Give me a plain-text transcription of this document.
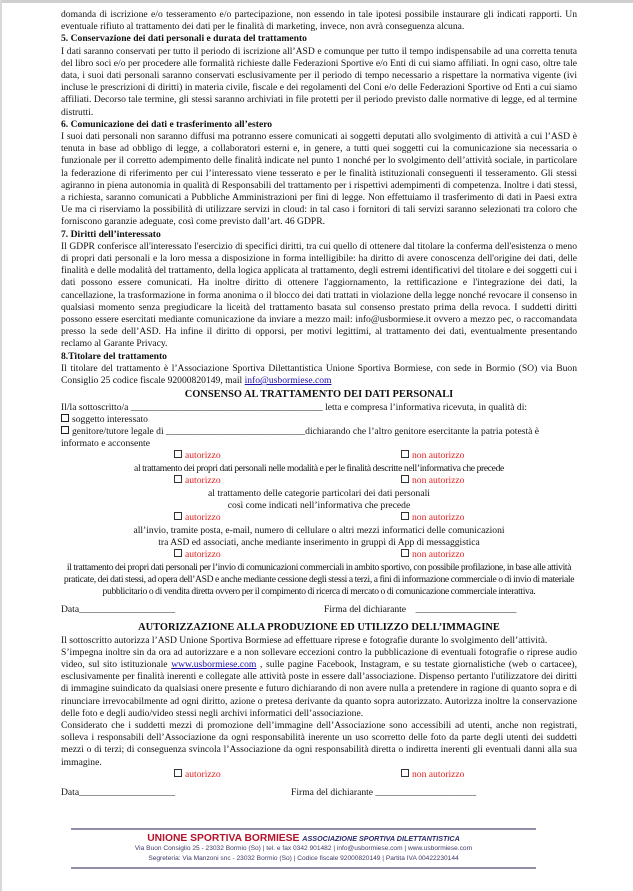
domanda di iscrizione e/o tesseramento e/o partecipazione, non essendo in tale ipotesi possibile instaurare gli indicati rapporti. Un eventuale rifiuto al trattamento dei dati per le finalità di marketing, invece, non avrà conseguenza alcuna.

5. Conservazione dei dati personali e durata del trattamento

I dati saranno conservati per tutto il periodo di iscrizione all’ASD e comunque per tutto il tempo indispensabile ad una corretta tenuta del libro soci e/o per procedere alle formalità richieste dalle Federazioni Sportive e/o Enti di cui siamo affiliati. In ogni caso, oltre tale data, i suoi dati personali saranno conservati esclusivamente per il periodo di tempo necessario a rispettare la normativa vigente (ivi incluse le prescrizioni di diritti) in materia civile, fiscale e dei regolamenti del Coni e/o delle Federazioni Sportive od Enti a cui siamo affiliati. Decorso tale termine, gli stessi saranno archiviati in file protetti per il periodo previsto dalle normative di legge, ed al termine distrutti.

6. Comunicazione dei dati e trasferimento all’estero

I suoi dati personali non saranno diffusi ma potranno essere comunicati ai soggetti deputati allo svolgimento di attività a cui l’ASD è tenuta in base ad obbligo di legge, a collaboratori esterni e, in genere, a tutti quei soggetti cui la comunicazione sia necessaria o funzionale per il corretto adempimento delle finalità indicate nel punto 1 nonché per lo svolgimento dell’attività sociale, in particolare la federazione di riferimento per cui l’interessato viene tesserato e per le finalità istituzionali conseguenti il tesseramento. Gli stessi agiranno in piena autonomia in qualità di Responsabili del trattamento per i rispettivi adempimenti di competenza. Inoltre i dati stessi, a richiesta, saranno comunicati a Pubbliche Amministrazioni per fini di legge. Non effettuiamo il trasferimento di dati in Paesi extra Ue ma ci riserviamo la possibilità di utilizzare servizi in cloud: in tal caso i fornitori di tali servizi saranno selezionati tra coloro che forniscono garanzie adeguate, così come previsto dall’art. 46 GDPR.

7. Diritti dell’interessato

Il GDPR conferisce all'interessato l'esercizio di specifici diritti, tra cui quello di ottenere dal titolare la conferma dell'esistenza o meno di propri dati personali e la loro messa a disposizione in forma intelligibile: ha diritto di avere conoscenza dell'origine dei dati, delle finalità e delle modalità del trattamento, della logica applicata al trattamento, degli estremi identificativi del titolare e dei soggetti cui i dati possono essere comunicati. Ha inoltre diritto di ottenere l'aggiornamento, la rettificazione e l'integrazione dei dati, la cancellazione, la trasformazione in forma anonima o il blocco dei dati trattati in violazione della legge nonché revocare il consenso in qualsiasi momento senza pregiudicare la liceità del trattamento basata sul consenso prestato prima della revoca. I suddetti diritti possono essere esercitati mediante comunicazione da inviare a mezzo mail: info@usbormiese.it ovvero a mezzo pec, o raccomandata presso la sede dell’ASD. Ha infine il diritto di opporsi, per motivi legittimi, al trattamento dei dati, eventualmente presentando reclamo al Garante Privacy.

8.Titolare del trattamento

Il titolare del trattamento è l’Associazione Sportiva Dilettantistica Unione Sportiva Bormiese, con sede in Bormio (SO) via Buon Consiglio 25 codice fiscale 92000820149, mail info@usbormiese.com

CONSENSO AL TRATTAMENTO DEI DATI PERSONALI

Il/la sottoscritto/a ________________________________________ letta e compresa l’informativa ricevuta, in qualità di:

soggetto interessato

genitore/tutore legale di _____________________________dichiarando che l’altro genitore esercitante la patria potestà è

informato e acconsente

autorizzo	non autorizzo

al trattamento dei propri dati personali nelle modalità e per le finalità descritte nell’informativa che precede

autorizzo	non autorizzo

al trattamento delle categorie particolari dei dati personali

così come indicati nell’informativa che precede

autorizzo	non autorizzo

all’invio, tramite posta, e-mail, numero di cellulare o altri mezzi informatici delle comunicazioni

tra ASD ed associati, anche mediante inserimento in gruppi di App di messaggistica

autorizzo	non autorizzo

il trattamento dei propri dati personali per l’invio di comunicazioni commerciali in ambito sportivo, con possibile profilazione, in base alle attività praticate, dei dati stessi, ad opera dell’ASD e anche mediante cessione degli stessi a terzi, a fini di informazione commerciale o di invio di materiale pubblicitario o di vendita diretta ovvero per il compimento di ricerca di mercato o di comunicazione commerciale interattiva.

Data____________________	Firma del dichiarante _____________________

AUTORIZZAZIONE ALLA PRODUZIONE ED UTILIZZO DELL’IMMAGINE

Il sottoscritto autorizza l’ASD Unione Sportiva Bormiese ad effettuare riprese e fotografie durante lo svolgimento dell’attività.

S’impegna inoltre sin da ora ad autorizzare e a non sollevare eccezioni contro la pubblicazione di eventuali fotografie o riprese audio video, sul sito istituzionale www.usbormiese.com , sulle pagine Facebook, Instagram, e su testate giornalistiche (web o cartacee), esclusivamente per finalità inerenti e collegate alle attività poste in essere dall’associazione. Dispenso pertanto l'utilizzatore dei diritti di immagine suindicato da qualsiasi onere presente e futuro dichiarando di non avere nulla a pretendere in ragione di quanto sopra e di rinunciare irrevocabilmente ad ogni diritto, azione o pretesa derivante da quanto sopra autorizzato. Autorizza inoltre la conservazione delle foto e degli audio/video stessi negli archivi informatici dell’associazione.

Considerato che i suddetti mezzi di promozione dell’immagine dell’Associazione sono accessibili ad utenti, anche non registrati, solleva i responsabili dell’Associazione da ogni responsabilità inerente un uso scorretto delle foto da parte degli utenti dei suddetti mezzi o di terzi; di conseguenza svincola l’Associazione da ogni responsabilità diretta o indiretta inerenti gli eventuali danni alla sua immagine.

autorizzo	non autorizzo
Data____________________	Firma del dichiarante _____________________
UNIONE SPORTIVA BORMIESE ASSOCIAZIONE SPORTIVA DILETTANTISTICA
Via Buon Consiglio 25 - 23032 Bormio (So) | tel. e fax 0342 901482 | info@usbormiese.com | www.usbormiese.com
Segreteria: Via Manzoni snc - 23032 Bormio (So) | Codice fiscale 92000820149 | Partita IVA 00422230144
